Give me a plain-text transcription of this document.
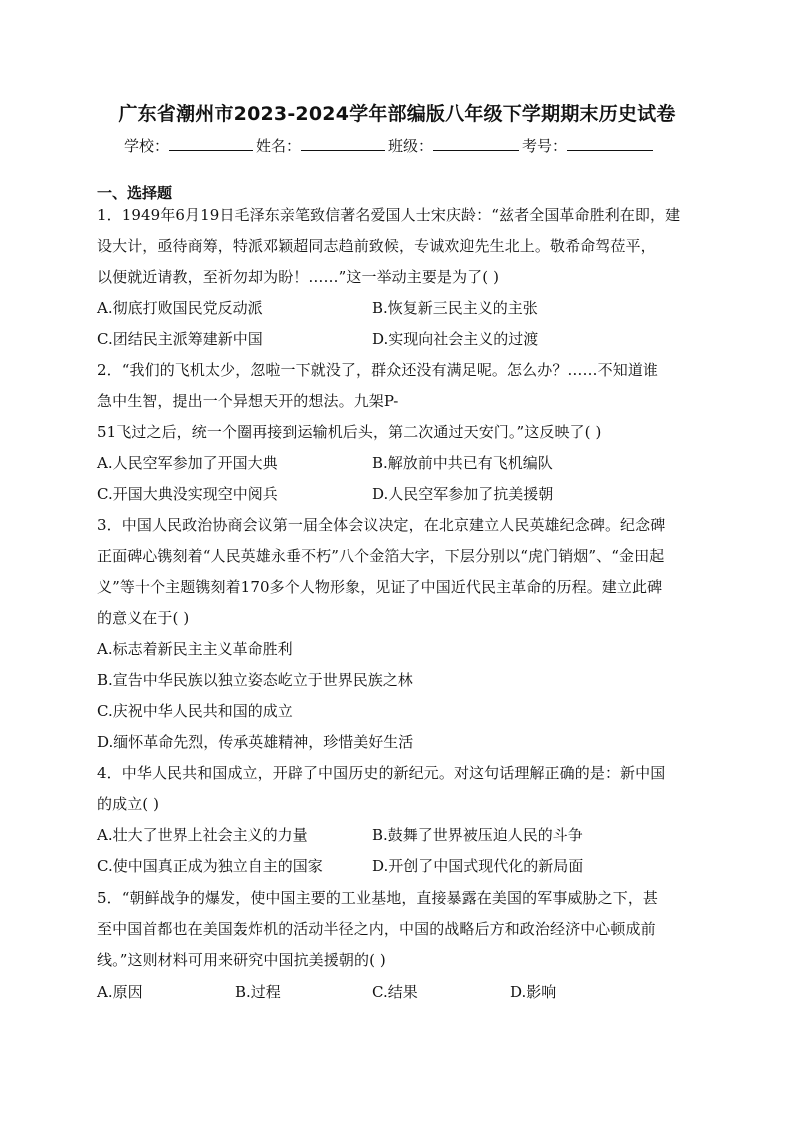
广东省潮州市2023-2024学年部编版八年级下学期期末历史试卷
学校：	姓名：	班级：	考号：
一、选择题
1．1949年6月19日毛泽东亲笔致信著名爱国人士宋庆龄：“兹者全国革命胜利在即，建
设大计，亟待商筹，特派邓颖超同志趋前致候，专诚欢迎先生北上。敬希命驾莅平，
以便就近请教，至祈勿却为盼！……”这一举动主要是为了( )
A.彻底打败国民党反动派	B.恢复新三民主义的主张
C.团结民主派筹建新中国	D.实现向社会主义的过渡
2．“我们的飞机太少，忽啦一下就没了，群众还没有满足呢。怎么办？……不知道谁
急中生智，提出一个异想天开的想法。九架P-
51飞过之后，统一个圈再接到运输机后头，第二次通过天安门。”这反映了( )
A.人民空军参加了开国大典	B.解放前中共已有飞机编队
C.开国大典没实现空中阅兵	D.人民空军参加了抗美援朝
3．中国人民政治协商会议第一届全体会议决定，在北京建立人民英雄纪念碑。纪念碑
正面碑心镌刻着“人民英雄永垂不朽”八个金箔大字，下层分别以“虎门销烟”、“金田起
义”等十个主题镌刻着170多个人物形象，见证了中国近代民主革命的历程。建立此碑
的意义在于( )
A.标志着新民主主义革命胜利
B.宣告中华民族以独立姿态屹立于世界民族之林
C.庆祝中华人民共和国的成立
D.缅怀革命先烈，传承英雄精神，珍惜美好生活
4．中华人民共和国成立，开辟了中国历史的新纪元。对这句话理解正确的是：新中国
的成立( )
A.壮大了世界上社会主义的力量	B.鼓舞了世界被压迫人民的斗争
C.使中国真正成为独立自主的国家	D.开创了中国式现代化的新局面
5．“朝鲜战争的爆发，使中国主要的工业基地，直接暴露在美国的军事威胁之下，甚
至中国首都也在美国轰炸机的活动半径之内，中国的战略后方和政治经济中心顿成前
线。”这则材料可用来研究中国抗美援朝的( )
A.原因	B.过程	C.结果	D.影响
